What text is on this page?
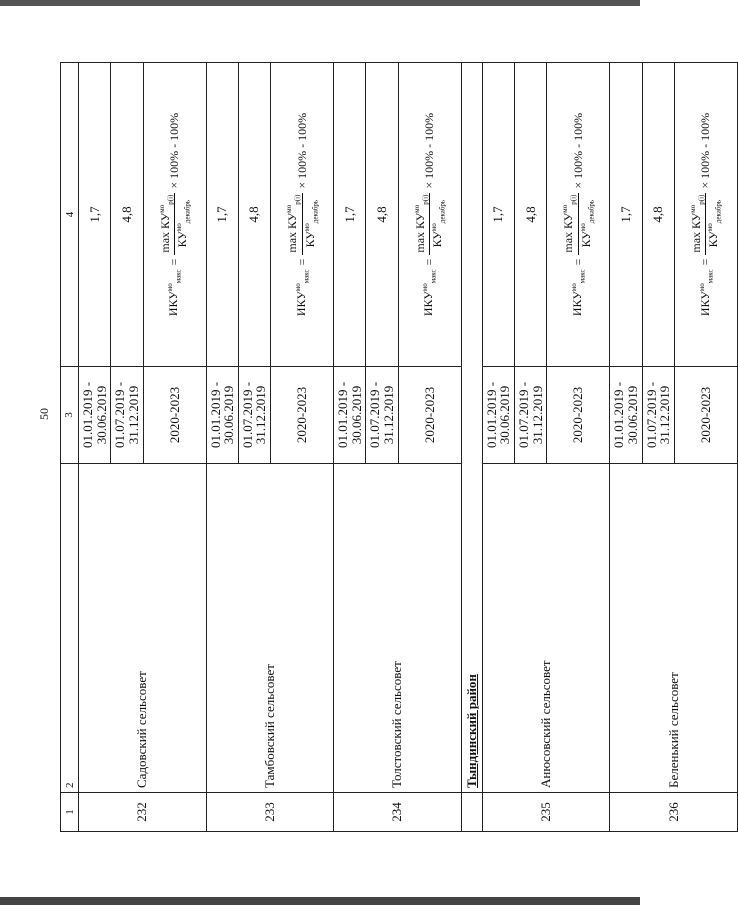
50
1	2	3	4
232	Садовский сельсовет	01.01.2019 - 30.06.2019	1,7
		01.07.2019 - 31.12.2019	4,8
		2020-2023	$ИКУ^{мо}_{макс}$
=
$\max КУ^{мо}_{p(i)}$
$КУ^{мо}_{декабрь}$
× 100% - 100%

233	Тамбовский сельсовет	01.01.2019 - 30.06.2019	1,7
		01.07.2019 - 31.12.2019	4,8
		2020-2023	$ИКУ^{мо}_{макс}$
=
$\max КУ^{мо}_{p(i)}$
$КУ^{мо}_{декабрь}$
× 100% - 100%

234	Толстовский сельсовет	01.01.2019 - 30.06.2019	1,7
		01.07.2019 - 31.12.2019	4,8
		2020-2023	$ИКУ^{мо}_{макс}$
=
$\max КУ^{мо}_{p(i)}$
$КУ^{мо}_{декабрь}$
× 100% - 100%

	Тындинский район		
235	Анюсовский сельсовет	01.01.2019 - 30.06.2019	1,7
		01.07.2019 - 31.12.2019	4,8
		2020-2023	$ИКУ^{мо}_{макс}$
=
$\max КУ^{мо}_{p(i)}$
$КУ^{мо}_{декабрь}$
× 100% - 100%

236	Беленький сельсовет	01.01.2019 - 30.06.2019	1,7
		01.07.2019 - 31.12.2019	4,8
		2020-2023	$ИКУ^{мо}_{макс}$
=
$\max КУ^{мо}_{p(i)}$
$КУ^{мо}_{декабрь}$
× 100% - 100%
